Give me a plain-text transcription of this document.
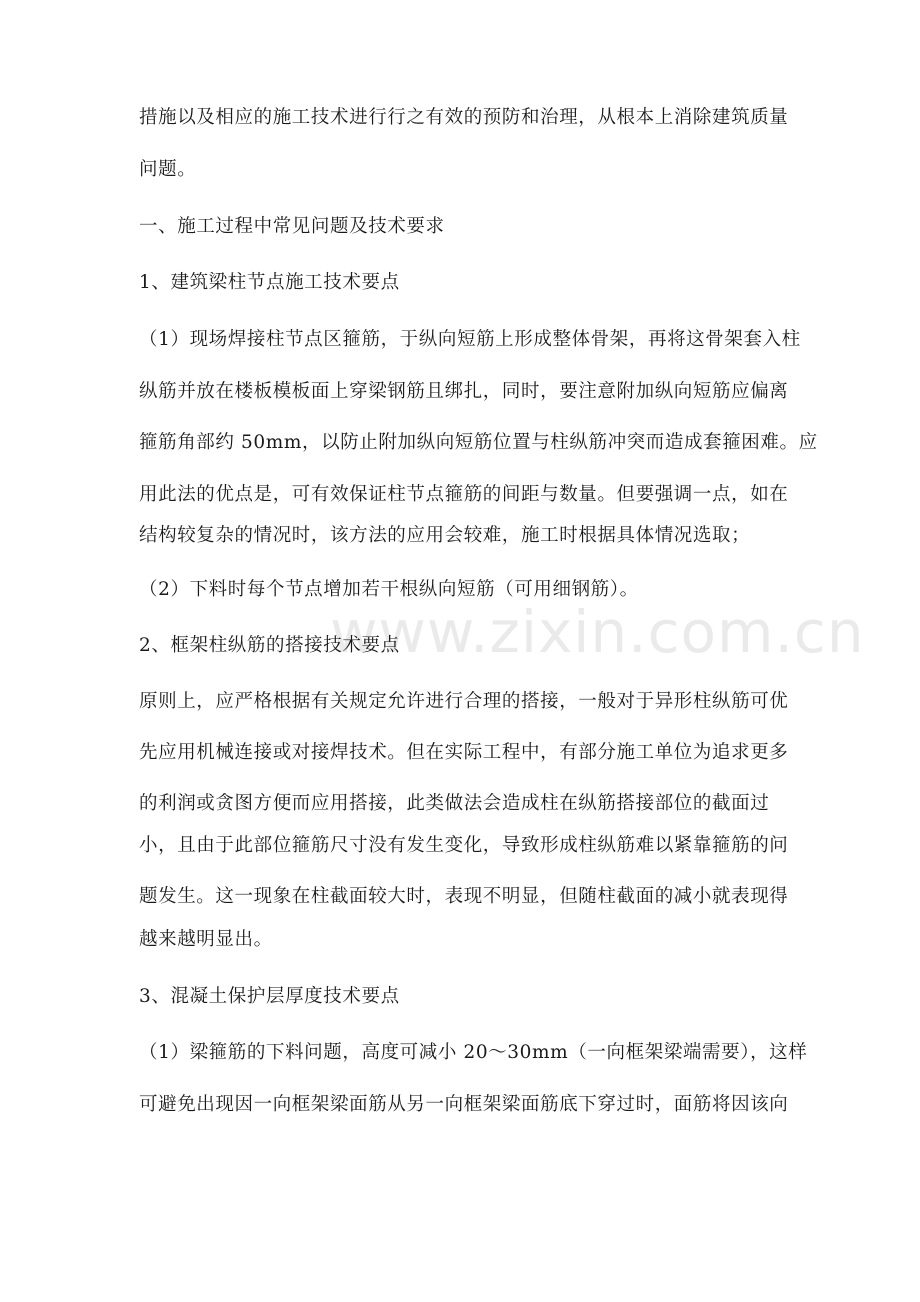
www.zixin.com.cn
措施以及相应的施工技术进行行之有效的预防和治理，从根本上消除建筑质量
问题。
一、施工过程中常见问题及技术要求
1、建筑梁柱节点施工技术要点
（1）现场焊接柱节点区箍筋，于纵向短筋上形成整体骨架，再将这骨架套入柱
纵筋并放在楼板模板面上穿梁钢筋且绑扎，同时，要注意附加纵向短筋应偏离
箍筋角部约 50mm，以防止附加纵向短筋位置与柱纵筋冲突而造成套箍困难。应
用此法的优点是，可有效保证柱节点箍筋的间距与数量。但要强调一点，如在
结构较复杂的情况时，该方法的应用会较难，施工时根据具体情况选取；
（2）下料时每个节点增加若干根纵向短筋（可用细钢筋）。
2、框架柱纵筋的搭接技术要点
原则上，应严格根据有关规定允许进行合理的搭接，一般对于异形柱纵筋可优
先应用机械连接或对接焊技术。但在实际工程中，有部分施工单位为追求更多
的利润或贪图方便而应用搭接，此类做法会造成柱在纵筋搭接部位的截面过
小，且由于此部位箍筋尺寸没有发生变化，导致形成柱纵筋难以紧靠箍筋的问
题发生。这一现象在柱截面较大时，表现不明显，但随柱截面的减小就表现得
越来越明显出。
3、混凝土保护层厚度技术要点
（1）梁箍筋的下料问题，高度可减小 20～30mm（一向框架梁端需要），这样
可避免出现因一向框架梁面筋从另一向框架梁面筋底下穿过时，面筋将因该向
